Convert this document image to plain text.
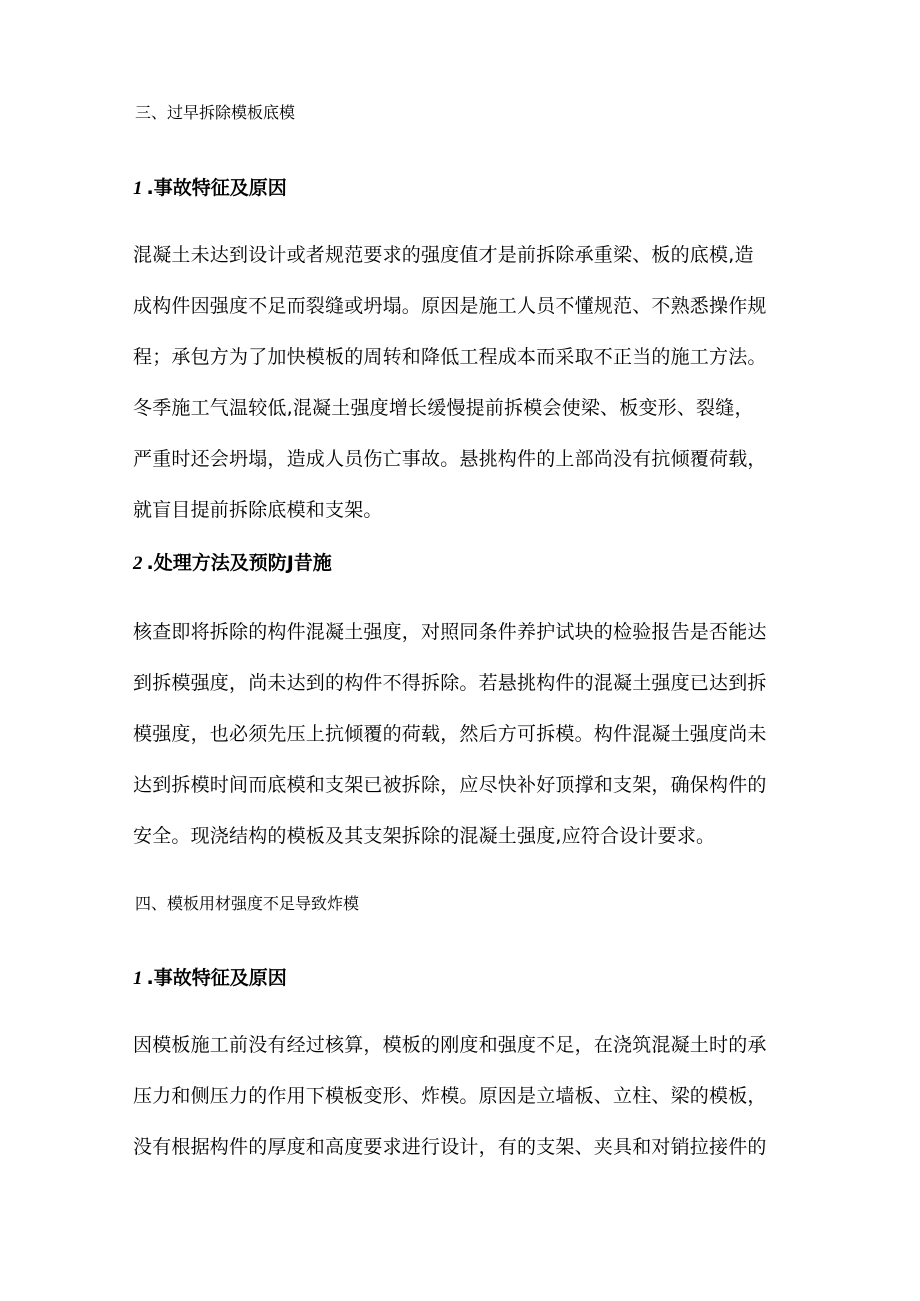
三、过早拆除模板底模
1 .事故特征及原因
混凝土未达到设计或者规范要求的强度值才是前拆除承重梁、板的底模,造
成构件因强度不足而裂缝或坍塌。原因是施工人员不懂规范、不熟悉操作规
程；承包方为了加快模板的周转和降低工程成本而采取不正当的施工方法。
冬季施工气温较低,混凝土强度增长缓慢提前拆模会使梁、板变形、裂缝，
严重时还会坍塌，造成人员伤亡事故。悬挑构件的上部尚没有抗倾覆荷载，
就盲目提前拆除底模和支架。
2 .处理方法及预防J昔施
核查即将拆除的构件混凝土强度，对照同条件养护试块的检验报告是否能达
到拆模强度，尚未达到的构件不得拆除。若悬挑构件的混凝土强度已达到拆
模强度，也必须先压上抗倾覆的荷载，然后方可拆模。构件混凝土强度尚未
达到拆模时间而底模和支架已被拆除，应尽快补好顶撑和支架，确保构件的
安全。现浇结构的模板及其支架拆除的混凝土强度,应符合设计要求。
四、模板用材强度不足导致炸模
1 .事故特征及原因
因模板施工前没有经过核算，模板的刚度和强度不足，在浇筑混凝土时的承
压力和侧压力的作用下模板变形、炸模。原因是立墙板、立柱、梁的模板，
没有根据构件的厚度和高度要求进行设计，有的支架、夹具和对销拉接件的
